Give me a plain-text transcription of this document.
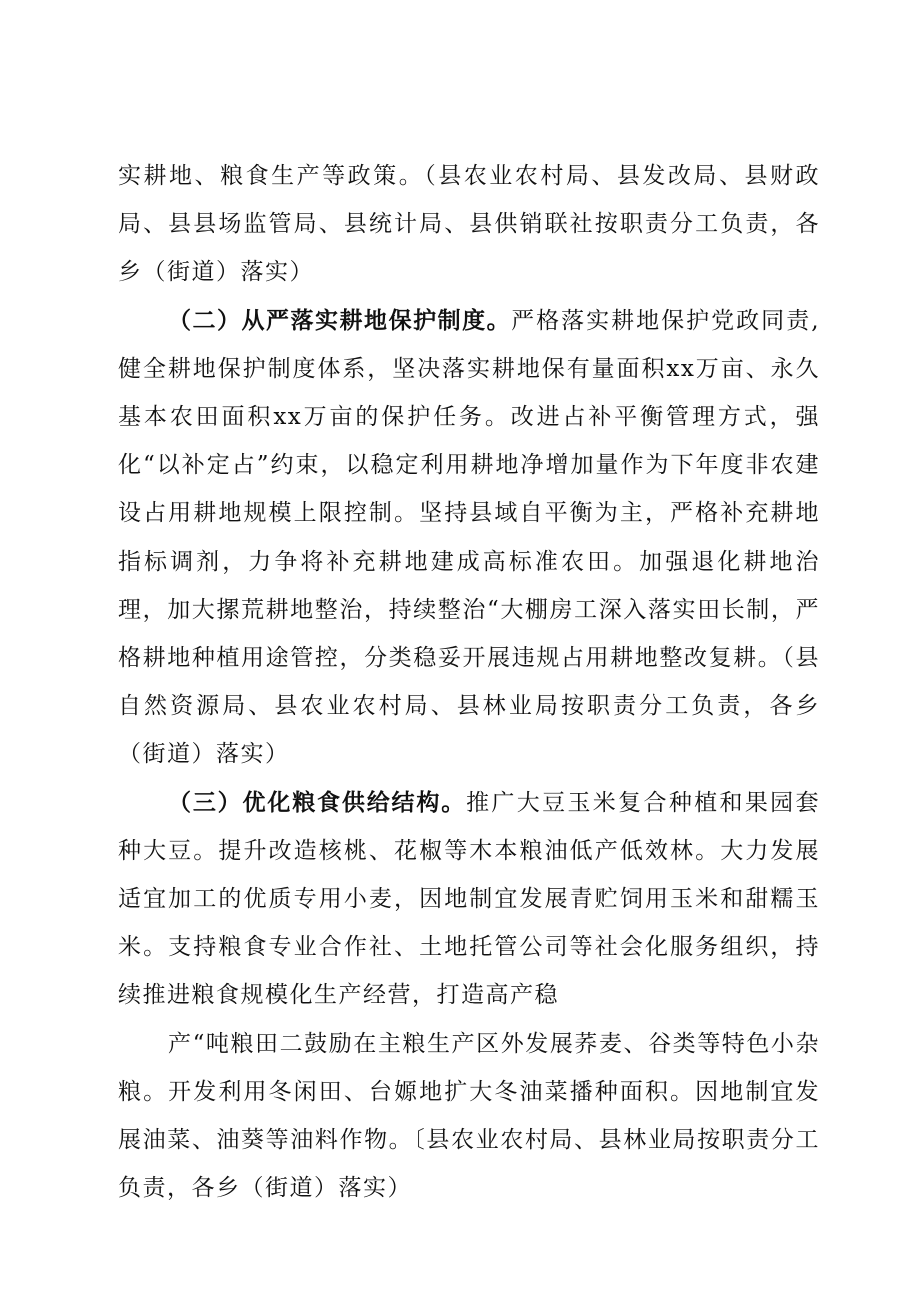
实耕地、粮食生产等政策。（县农业农村局、县发改局、县财政局、县县场监管局、县统计局、县供销联社按职责分工负责，各乡（街道）落实）

（二）从严落实耕地保护制度。严格落实耕地保护党政同责,健全耕地保护制度体系，坚决落实耕地保有量面积xx万亩、永久基本农田面积xx万亩的保护任务。改进占补平衡管理方式，强化“以补定占”约束，以稳定利用耕地净增加量作为下年度非农建设占用耕地规模上限控制。坚持县域自平衡为主，严格补充耕地指标调剂，力争将补充耕地建成高标准农田。加强退化耕地治理，加大摞荒耕地整治，持续整治“大棚房工深入落实田长制，严格耕地种植用途管控，分类稳妥开展违规占用耕地整改复耕。（县自然资源局、县农业农村局、县林业局按职责分工负责，各乡（街道）落实）

（三）优化粮食供给结构。推广大豆玉米复合种植和果园套种大豆。提升改造核桃、花椒等木本粮油低产低效林。大力发展适宜加工的优质专用小麦，因地制宜发展青贮饲用玉米和甜糯玉米。支持粮食专业合作社、土地托管公司等社会化服务组织，持续推进粮食规模化生产经营，打造高产稳

产“吨粮田二鼓励在主粮生产区外发展荞麦、谷类等特色小杂粮。开发利用冬闲田、台嫄地扩大冬油菜播种面积。因地制宜发展油菜、油葵等油料作物。〔县农业农村局、县林业局按职责分工负责，各乡（街道）落实）
